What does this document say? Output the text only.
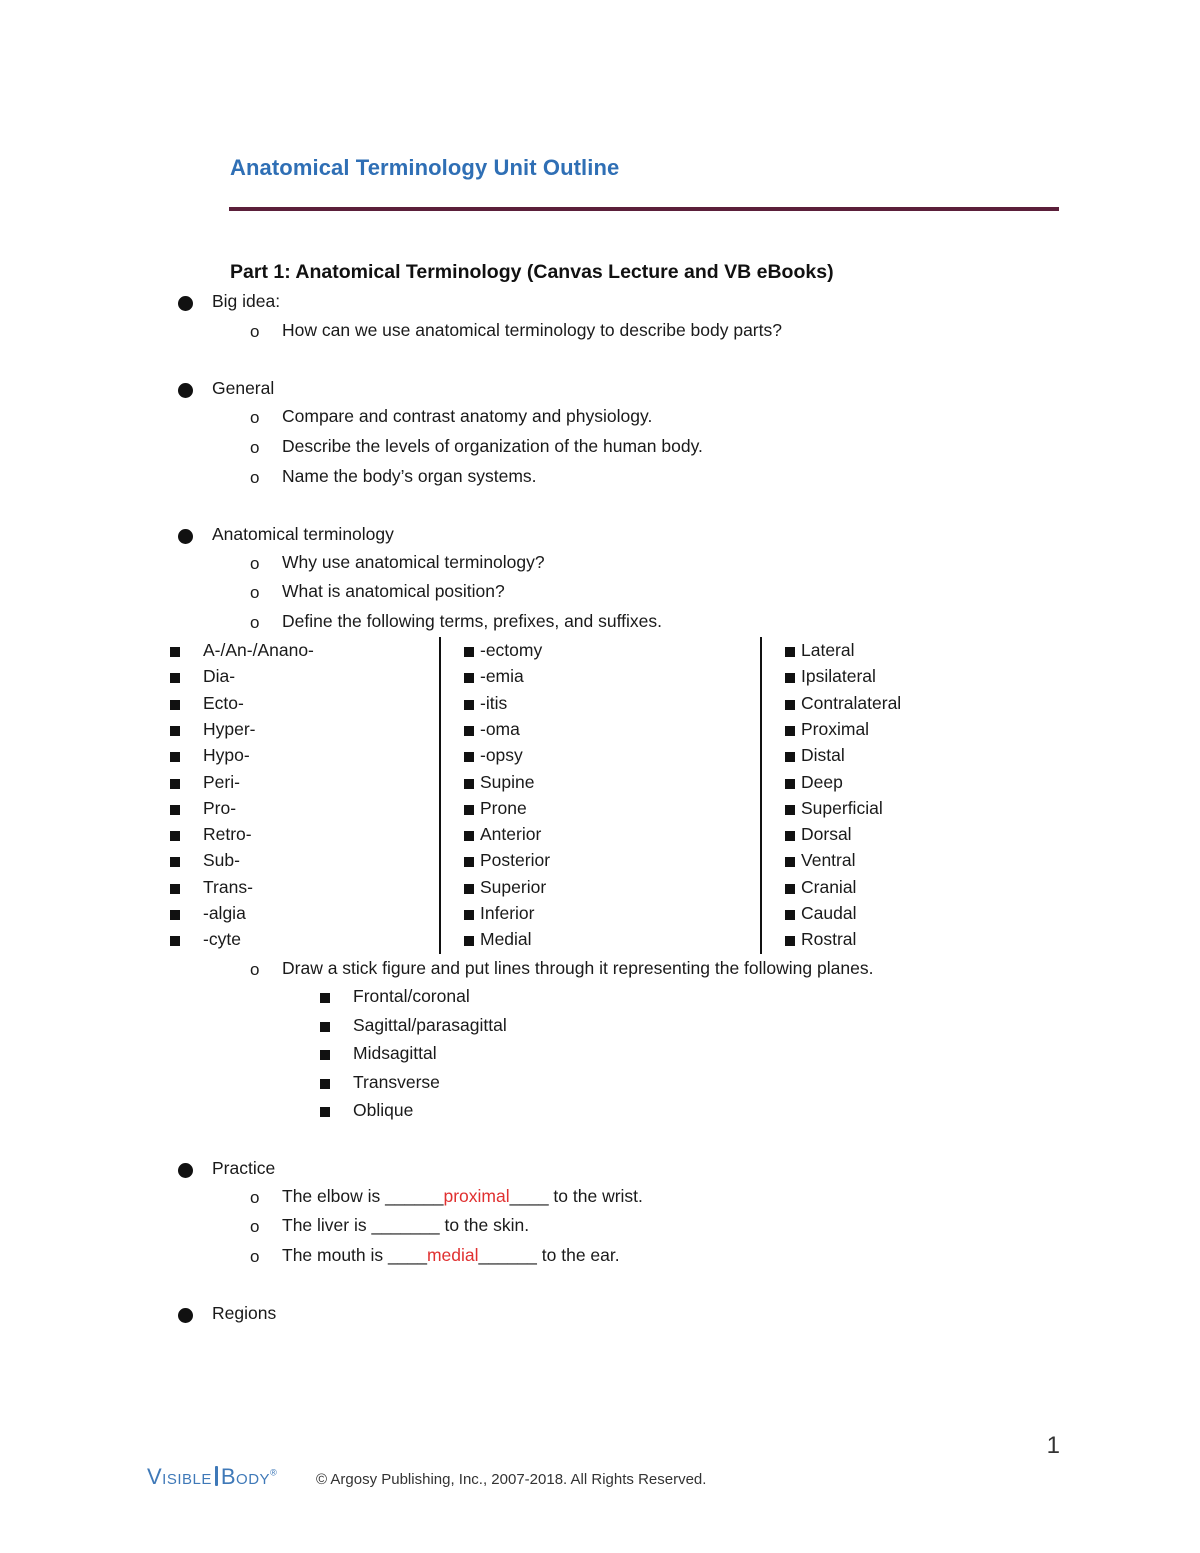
Anatomical Terminology Unit Outline
Part 1: Anatomical Terminology (Canvas Lecture and VB eBooks)
Big idea:
o How can we use anatomical terminology to describe body parts?
General
o Compare and contrast anatomy and physiology.
o Describe the levels of organization of the human body.
o Name the body’s organ systems.
Anatomical terminology
o Why use anatomical terminology?
o What is anatomical position?
o Define the following terms, prefixes, and suffixes.
A-/An-/Anano-
Dia-
Ecto-
Hyper-
Hypo-
Peri-
Pro-
Retro-
Sub-
Trans-
-algia
-cyte
-ectomy
-emia
-itis
-oma
-opsy
Supine
Prone
Anterior
Posterior
Superior
Inferior
Medial
Lateral
Ipsilateral
Contralateral
Proximal
Distal
Deep
Superficial
Dorsal
Ventral
Cranial
Caudal
Rostral
o Draw a stick figure and put lines through it representing the following planes.
Frontal/coronal
Sagittal/parasagittal
Midsagittal
Transverse
Oblique
Practice
o The elbow is ______proximal____ to the wrist.
o The liver is _______ to the skin.
o The mouth is ____medial______ to the ear.
Regions
1
Visible Body®	© Argosy Publishing, Inc., 2007-2018. All Rights Reserved.
